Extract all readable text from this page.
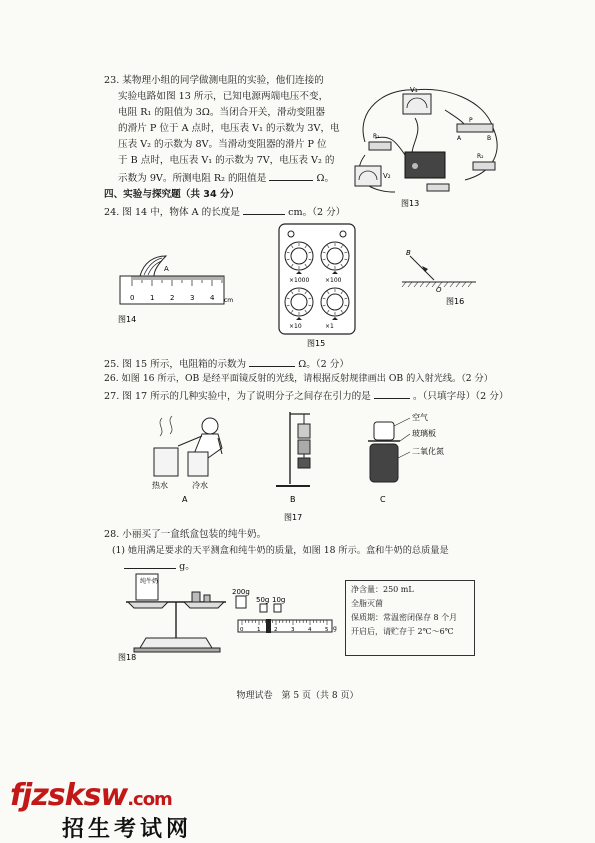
23. 某物理小组的同学做测电阻的实验，他们连接的
实验电路如图 13 所示，已知电源两端电压不变，
电阻 R₁ 的阻值为 3Ω。当闭合开关，滑动变阻器
的滑片 P 位于 A 点时，电压表 V₁ 的示数为 3V，电
压表 V₂ 的示数为 8V。当滑动变阻器的滑片 P 位
于 B 点时，电压表 V₁ 的示数为 7V，电压表 V₂ 的
示数为 9V。所测电阻 R₂ 的阻值是	Ω。
V₁
P
A	B
R₁
R₂
V₂
图13
四、实验与探究题（共 34 分）
24. 图 14 中，物体 A 的长度是	cm。（2 分）
A
0 1 2 3 4 cm
图14
×1000	×100
×10	×1
图15
B
O
图16
25. 图 15 所示，电阻箱的示数为	Ω。（2 分）
26. 如图 16 所示，OB 是经平面镜反射的光线，请根据反射规律画出 OB 的入射光线。（2 分）
27. 图 17 所示的几种实验中，为了说明分子之间存在引力的是	。（只填字母）（2 分）
热水	冷水
A	B
空气
玻璃板
二氧化氮
C
图17
28. 小丽买了一盒纸盒包装的纯牛奶。
(1) 她用满足要求的天平测盒和纯牛奶的质量，如图 18 所示。盒和牛奶的总质量是
g。
纯牛奶
图18
200g
50g 10g
0 1 2 3 4 5 g
净含量：250 mL
全脂灭菌
保质期：常温密闭保存 8 个月
开启后，请贮存于 2℃～6℃
物理试卷　第 5 页（共 8 页）
fjzsksw.com
招生考试网
